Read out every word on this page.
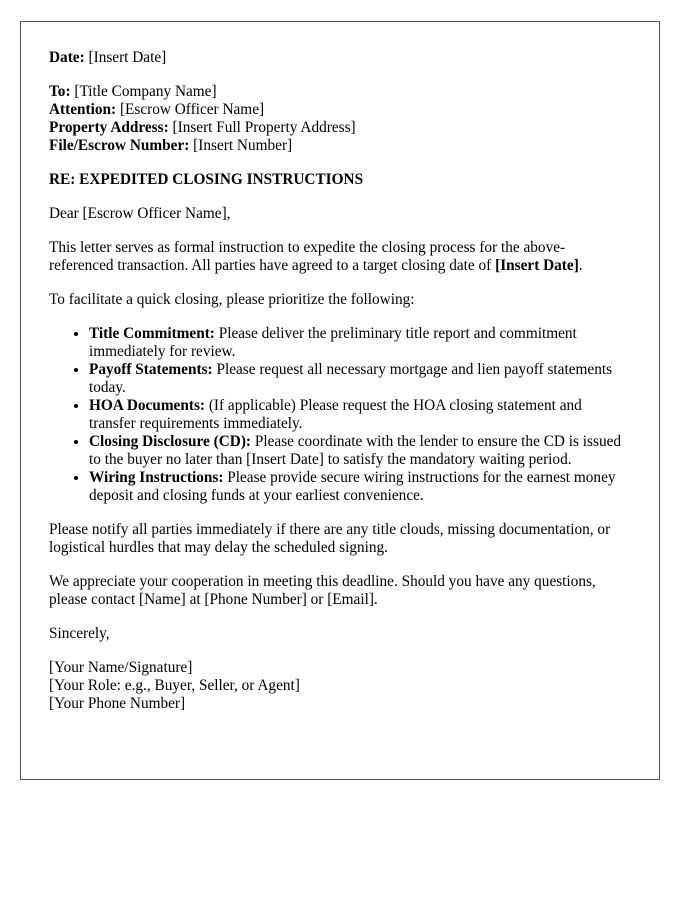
Date: [Insert Date]

To: [Title Company Name]

Attention: [Escrow Officer Name]

Property Address: [Insert Full Property Address]

File/Escrow Number: [Insert Number]

RE: EXPEDITED CLOSING INSTRUCTIONS

Dear [Escrow Officer Name],

This letter serves as formal instruction to expedite the closing process for the above-referenced transaction. All parties have agreed to a target closing date of [Insert Date].

To facilitate a quick closing, please prioritize the following:

• Title Commitment: Please deliver the preliminary title report and commitment immediately for review.
• Payoff Statements: Please request all necessary mortgage and lien payoff statements today.
• HOA Documents: (If applicable) Please request the HOA closing statement and transfer requirements immediately.
• Closing Disclosure (CD): Please coordinate with the lender to ensure the CD is issued to the buyer no later than [Insert Date] to satisfy the mandatory waiting period.
• Wiring Instructions: Please provide secure wiring instructions for the earnest money deposit and closing funds at your earliest convenience.

Please notify all parties immediately if there are any title clouds, missing documentation, or logistical hurdles that may delay the scheduled signing.

We appreciate your cooperation in meeting this deadline. Should you have any questions, please contact [Name] at [Phone Number] or [Email].

Sincerely,

[Your Name/Signature]

[Your Role: e.g., Buyer, Seller, or Agent]

[Your Phone Number]
